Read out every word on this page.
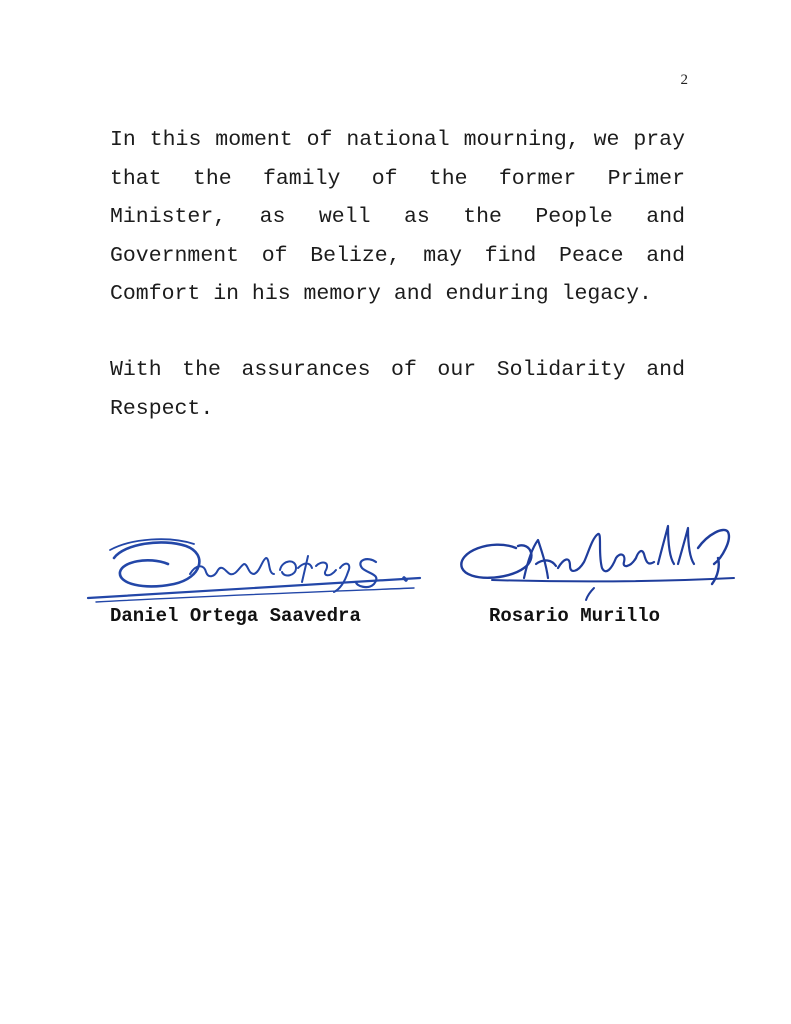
2

In this moment of national mourning, we pray that the family of the former Primer Minister, as well as the People and Government of Belize, may find Peace and Comfort in his memory and enduring legacy.

With the assurances of our Solidarity and Respect.

Daniel Ortega Saavedra	Rosario Murillo
